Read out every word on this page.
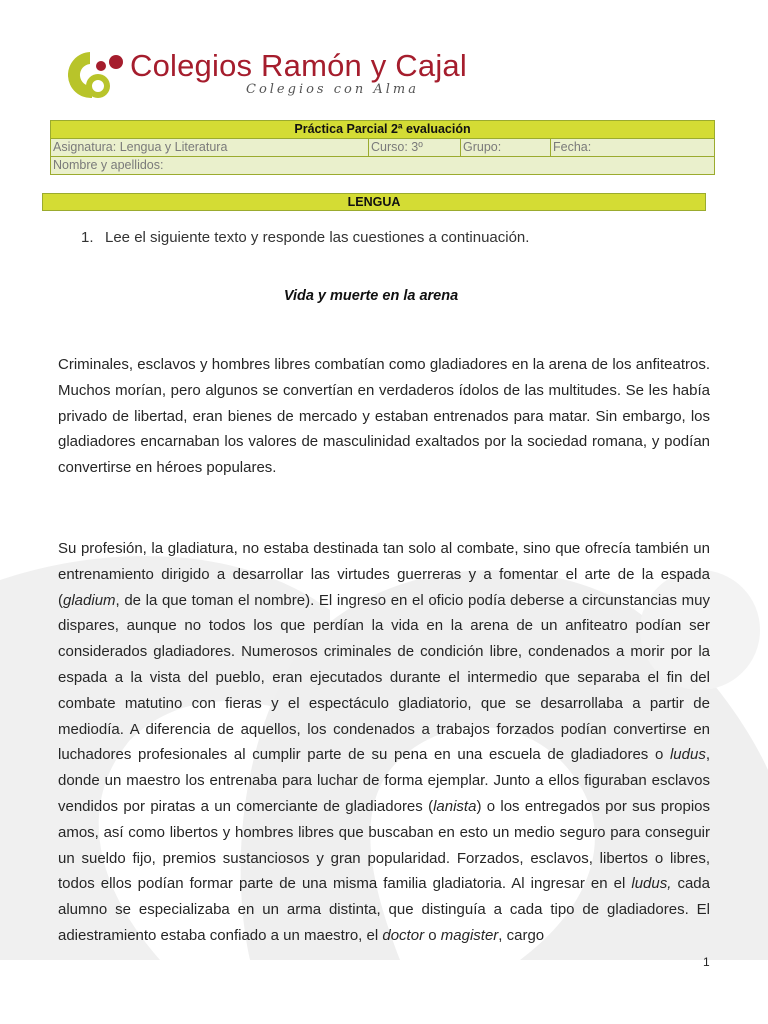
Colegios Ramón y Cajal
Colegios con Alma
Práctica Parcial 2ª evaluación
Asignatura: Lengua y Literatura	Curso: 3º	Grupo:	Fecha:
Nombre y apellidos:
LENGUA
1. Lee el siguiente texto y responde las cuestiones a continuación.
Vida y muerte en la arena
Criminales, esclavos y hombres libres combatían como gladiadores en la arena de los anfiteatros. Muchos morían, pero algunos se convertían en verdaderos ídolos de las multitudes. Se les había privado de libertad, eran bienes de mercado y estaban entrenados para matar. Sin embargo, los gladiadores encarnaban los valores de masculinidad exaltados por la sociedad romana, y podían convertirse en héroes populares.
Su profesión, la gladiatura, no estaba destinada tan solo al combate, sino que ofrecía también un entrenamiento dirigido a desarrollar las virtudes guerreras y a fomentar el arte de la espada (gladium, de la que toman el nombre). El ingreso en el oficio podía deberse a circunstancias muy dispares, aunque no todos los que perdían la vida en la arena de un anfiteatro podían ser considerados gladiadores. Numerosos criminales de condición libre, condenados a morir por la espada a la vista del pueblo, eran ejecutados durante el intermedio que separaba el fin del combate matutino con fieras y el espectáculo gladiatorio, que se desarrollaba a partir de mediodía. A diferencia de aquellos, los condenados a trabajos forzados podían convertirse en luchadores profesionales al cumplir parte de su pena en una escuela de gladiadores o ludus, donde un maestro los entrenaba para luchar de forma ejemplar. Junto a ellos figuraban esclavos vendidos por piratas a un comerciante de gladiadores (lanista) o los entregados por sus propios amos, así como libertos y hombres libres que buscaban en esto un medio seguro para conseguir un sueldo fijo, premios sustanciosos y gran popularidad. Forzados, esclavos, libertos o libres, todos ellos podían formar parte de una misma familia gladiatoria. Al ingresar en el ludus, cada alumno se especializaba en un arma distinta, que distinguía a cada tipo de gladiadores. El adiestramiento estaba confiado a un maestro, el doctor o magister, cargo
1
